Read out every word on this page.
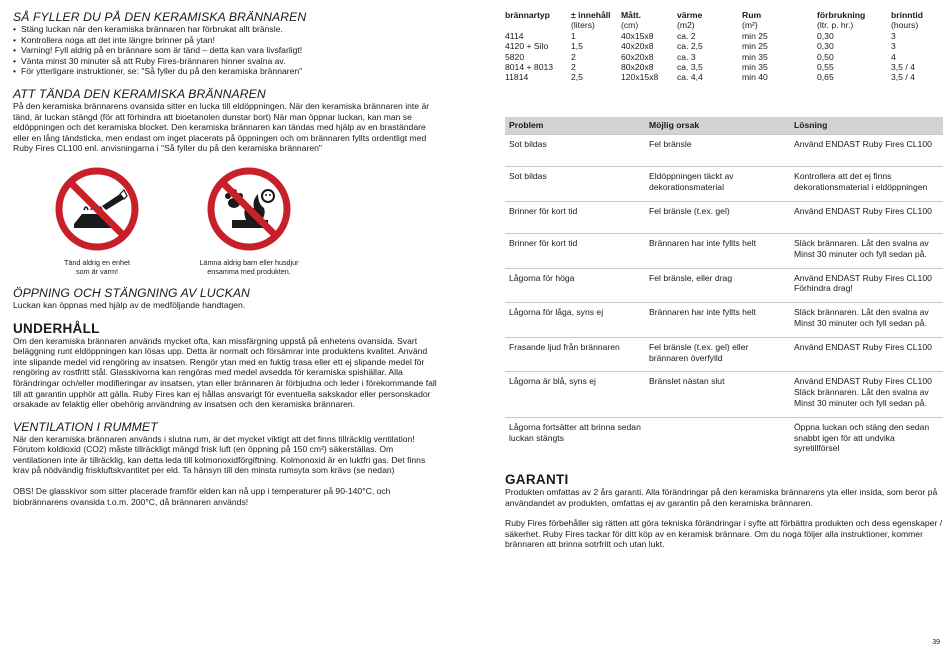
SÅ FYLLER DU PÅ DEN KERAMISKA BRÄNNAREN
• Stäng luckan när den keramiska brännaren har förbrukat allt bränsle.
• Kontrollera noga att det inte längre brinner på ytan!
• Varning! Fyll aldrig på en brännare som är tänd – detta kan vara livsfarligt!
• Vänta minst 30 minuter så att Ruby Fires-brännaren hinner svalna av.
• För ytterligare instruktioner, se: "Så fyller du på den keramiska brännaren"
ATT TÄNDA DEN KERAMISKA BRÄNNAREN

På den keramiska brännarens ovansida sitter en lucka till eldöppningen. När den keramiska brännaren inte är tänd, är luckan stängd (för att förhindra att bioetanolen dunstar bort) När man öppnar luckan, kan man se eldöppningen och det keramiska blocket. Den keramiska brännaren kan tändas med hjälp av en braständare eller en lång tändsticka, men endast om inget placerats på öppningen och om brännaren fyllts ordentligt med Ruby Fires CL100 enl. anvisningarna i "Så fyller du på den keramiska brännaren"

Tänd aldrig en enhet
som är varm!
Lämna aldrig barn eller husdjur
ensamma med produkten.
ÖPPNING OCH STÄNGNING AV LUCKAN

Luckan kan öppnas med hjälp av de medföljande handtagen.

UNDERHÅLL

Om den keramiska brännaren används mycket ofta, kan missfärgning uppstå på enhetens ovansida. Svart beläggning runt eldöppningen kan lösas upp. Detta är normalt och försämrar inte produktens kvalitet. Använd inte slipande medel vid rengöring av insatsen. Rengör ytan med en fuktig trasa eller ett ej slipande medel för rengöring av rostfritt stål. Glasskivorna kan rengöras med medel avsedda för keramiska spishällar. Alla förändringar och/eller modifieringar av insatsen, ytan eller brännaren är förbjudna och leder i förekommande fall till att garantin upphör att gälla. Ruby Fires kan ej hållas ansvarigt för eventuella sakskador eller personskador orsakade av felaktig eller obehörig användning av insatsen och den keramiska brännaren.

VENTILATION I RUMMET

När den keramiska brännaren används i slutna rum, är det mycket viktigt att det finns tillräcklig ventilation! Förutom koldioxid (CO2) måste tillräckligt mängd frisk luft (en öppning på 150 cm²) säkerställas. Om ventilationen inte är tillräcklig, kan detta leda till kolmonoxidförgiftning. Kolmonoxid är en luktfri gas. Det finns krav på nödvändig friskluftskvantitet per eld. Ta hänsyn till den minsta rumsyta som krävs (se nedan)

OBS! De glasskivor som sitter placerade framför elden kan nå upp i temperaturer på 90-140°C, och biobrännarens ovansida t.o.m. 200°C, då brännaren används!

brännartyp	± innehåll	Mått.	värme	Rum	förbrukning	brinntid
	(liters)	(cm)	(m2)	(m²)	(ltr. p. hr.)	(hours)
4114	1	40x15x8	ca. 2	min 25	0,30	3
4120 + Silo	1,5	40x20x8	ca. 2,5	min 25	0,30	3
5820	2	60x20x8	ca. 3	min 35	0,50	4
8014 + 8013	2	80x20x8	ca. 3,5	min 35	0,55	3,5 / 4
11814	2,5	120x15x8	ca. 4,4	min 40	0,65	3,5 / 4
Problem	Möjlig orsak	Lösning
Sot bildas	Fel bränsle	Använd ENDAST Ruby Fires CL100
Sot bildas	Eldöppningen täckt av dekorationsmaterial	Kontrollera att det ej finns dekorationsmaterial i eldöppningen
Brinner för kort tid	Fel bränsle (t.ex. gel)	Använd ENDAST Ruby Fires CL100
Brinner för kort tid	Brännaren har inte fyllts helt	Släck brännaren. Låt den svalna av Minst 30 minuter och fyll sedan på.
Lågorna för höga	Fel bränsle, eller drag	Använd ENDAST Ruby Fires CL100 Förhindra drag!
Lågorna för låga, syns ej	Brännaren har inte fyllts helt	Släck brännaren. Låt den svalna av Minst 30 minuter och fyll sedan på.
Frasande ljud från brännaren	Fel bränsle (t.ex. gel) eller brännaren överfylld	Använd ENDAST Ruby Fires CL100
Lågorna är blå, syns ej	Bränslet nästan slut	Använd ENDAST Ruby Fires CL100 Släck brännaren. Låt den svalna av Minst 30 minuter och fyll sedan på.
Lågorna fortsätter att brinna sedan luckan stängts		Öppna luckan och stäng den sedan snabbt igen för att undvika syretillförsel
GARANTI

Produkten omfattas av 2 års garanti. Alla förändringar på den keramiska brännarens yta eller insida, som beror på användandet av produkten, omfattas ej av garantin på den keramiska brännaren.

Ruby Fires förbehåller sig rätten att göra tekniska förändringar i syfte att förbättra produkten och dess egenskaper / säkerhet. Ruby Fires tackar för ditt köp av en keramisk brännare. Om du noga följer alla instruktioner, kommer brännaren att brinna sotrfritt och utan lukt.

39
